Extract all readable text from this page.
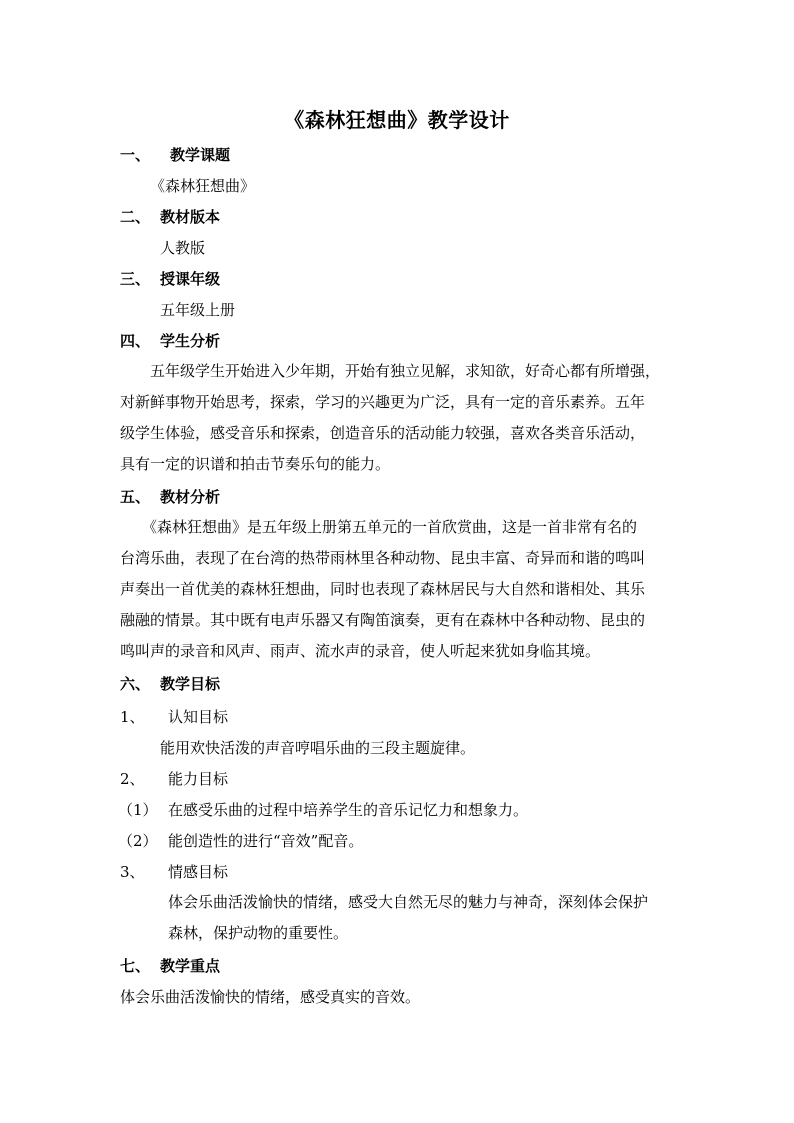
《森林狂想曲》教学设计
一、 教学课题
《森林狂想曲》
二、 教材版本
人教版
三、 授课年级
五年级上册
四、 学生分析
五年级学生开始进入少年期，开始有独立见解，求知欲，好奇心都有所增强，
对新鲜事物开始思考，探索，学习的兴趣更为广泛，具有一定的音乐素养。五年
级学生体验，感受音乐和探索，创造音乐的活动能力较强，喜欢各类音乐活动，
具有一定的识谱和拍击节奏乐句的能力。
五、 教材分析
《森林狂想曲》是五年级上册第五单元的一首欣赏曲，这是一首非常有名的
台湾乐曲，表现了在台湾的热带雨林里各种动物、昆虫丰富、奇异而和谐的鸣叫
声奏出一首优美的森林狂想曲，同时也表现了森林居民与大自然和谐相处、其乐
融融的情景。其中既有电声乐器又有陶笛演奏，更有在森林中各种动物、昆虫的
鸣叫声的录音和风声、雨声、流水声的录音，使人听起来犹如身临其境。
六、 教学目标
1、 认知目标
能用欢快活泼的声音哼唱乐曲的三段主题旋律。
2、 能力目标
（1） 在感受乐曲的过程中培养学生的音乐记忆力和想象力。
（2） 能创造性的进行“音效”配音。
3、 情感目标
体会乐曲活泼愉快的情绪，感受大自然无尽的魅力与神奇，深刻体会保护
森林，保护动物的重要性。
七、 教学重点
体会乐曲活泼愉快的情绪，感受真实的音效。
